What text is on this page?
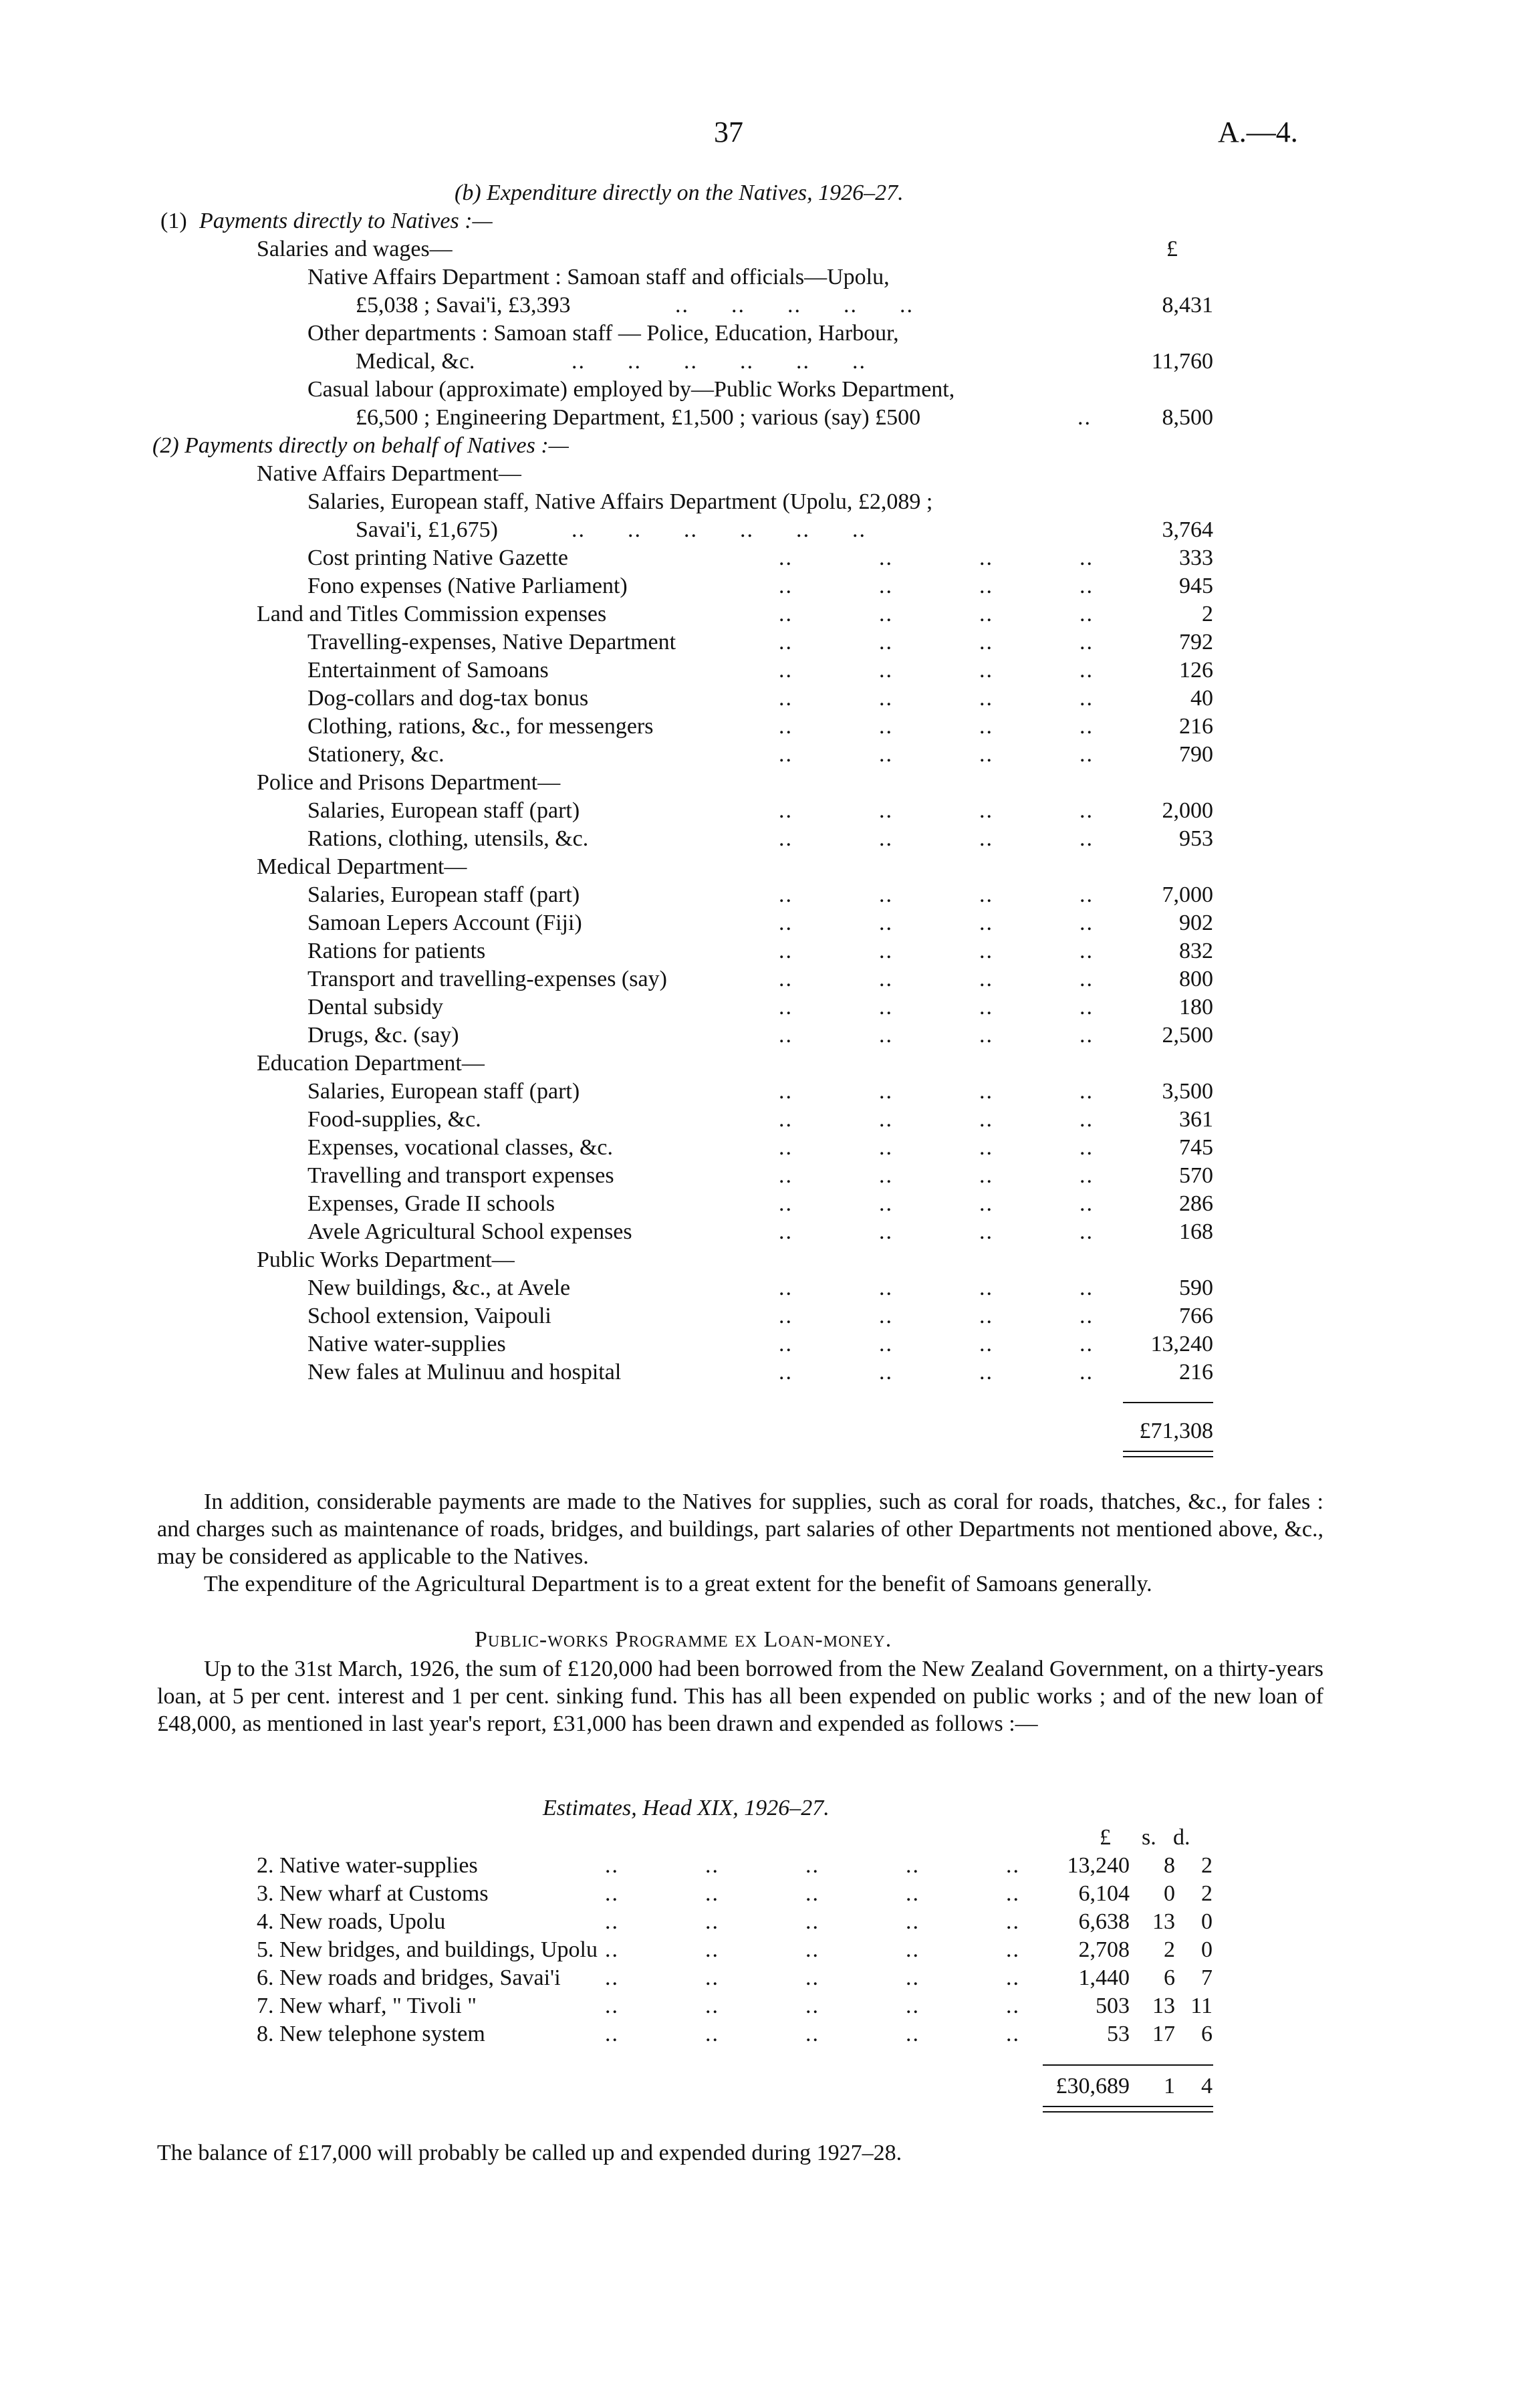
37	A.—4.
(b) Expenditure directly on the Natives, 1926–27.
(1) Payments directly to Natives :—
£
Salaries and wages—
Native Affairs Department : Samoan staff and officials—Upolu,
£5,038 ; Savai'i, £3,393	..      ..      ..      ..      ..	8,431
Other departments : Samoan staff — Police, Education, Harbour,
Medical, &c.	..      ..      ..      ..      ..      ..	11,760
Casual labour (approximate) employed by—Public Works Department,
£6,500 ; Engineering Department, £1,500 ; various (say) £500	..	8,500
(2) Payments directly on behalf of Natives :—
Native Affairs Department—
Salaries, European staff, Native Affairs Department (Upolu, £2,089 ;
Savai'i, £1,675)	..      ..      ..      ..      ..      ..	3,764
Cost printing Native Gazette	..	..	..	..	333
Fono expenses (Native Parliament)	..	..	..	..	945
Land and Titles Commission expenses	..	..	..	..	2
Travelling-expenses, Native Department	..	..	..	..	792
Entertainment of Samoans	..	..	..	..	126
Dog-collars and dog-tax bonus	..	..	..	..	40
Clothing, rations, &c., for messengers	..	..	..	..	216
Stationery, &c.	..	..	..	..	790
Police and Prisons Department—
Salaries, European staff (part)	..	..	..	..	2,000
Rations, clothing, utensils, &c.	..	..	..	..	953
Medical Department—
Salaries, European staff (part)	..	..	..	..	7,000
Samoan Lepers Account (Fiji)	..	..	..	..	902
Rations for patients	..	..	..	..	832
Transport and travelling-expenses (say)	..	..	..	..	800
Dental subsidy	..	..	..	..	180
Drugs, &c. (say)	..	..	..	..	2,500
Education Department—
Salaries, European staff (part)	..	..	..	..	3,500
Food-supplies, &c.	..	..	..	..	361
Expenses, vocational classes, &c.	..	..	..	..	745
Travelling and transport expenses	..	..	..	..	570
Expenses, Grade II schools	..	..	..	..	286
Avele Agricultural School expenses	..	..	..	..	168
Public Works Department—
New buildings, &c., at Avele	..	..	..	..	590
School extension, Vaipouli	..	..	..	..	766
Native water-supplies	..	..	..	..	13,240
New fales at Mulinuu and hospital	..	..	..	..	216
£71,308
In addition, considerable payments are made to the Natives for supplies, such as coral for roads, thatches, &c., for fales : and charges such as maintenance of roads, bridges, and buildings, part salaries of other Departments not mentioned above, &c., may be considered as applicable to the Natives.
The expenditure of the Agricultural Department is to a great extent for the benefit of Samoans generally.
Public-works Programme ex Loan-money.
Up to the 31st March, 1926, the sum of £120,000 had been borrowed from the New Zealand Government, on a thirty-years loan, at 5 per cent. interest and 1 per cent. sinking fund. This has all been expended on public works ; and of the new loan of £48,000, as mentioned in last year's report, £31,000 has been drawn and expended as follows :—
Estimates, Head XIX, 1926–27.
£ s. d.
2. Native water-supplies	..	..	..	..	.. 13,240 8 2
3. New wharf at Customs	..	..	..	..	..	6,104 0 2
4. New roads, Upolu	..	..	..	..	..	6,638 13 0
5. New bridges, and buildings, Upolu ..	..	..	..	..	2,708 2 0
6. New roads and bridges, Savai'i ..	..	..	..	..	1,440 6 7
7. New wharf, " Tivoli "	..	..	..	..	..	503 13 11
8. New telephone system	..	..	..	..	..	53 17 6
£30,689 1 4
The balance of £17,000 will probably be called up and expended during 1927–28.
